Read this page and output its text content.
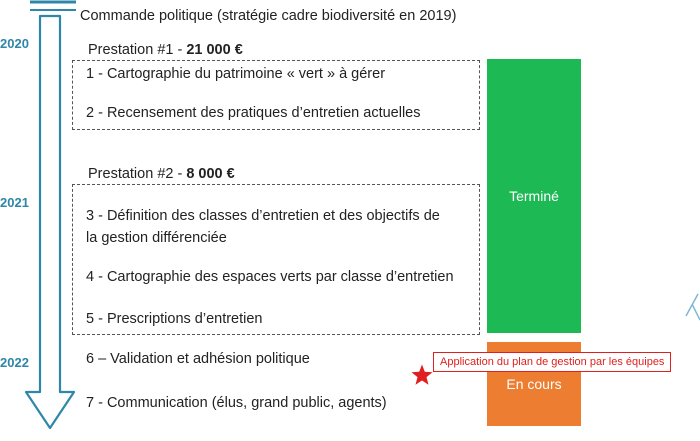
2020
2021
2022
Commande politique (stratégie cadre biodiversité en 2019)
Prestation #1 - 21 000 €
1 - Cartographie du patrimoine « vert » à gérer
2 - Recensement des pratiques d’entretien actuelles
Prestation #2 - 8 000 €
3 - Définition des classes d’entretien et des objectifs de
la gestion différenciée
4 - Cartographie des espaces verts par classe d’entretien
5 - Prescriptions d’entretien
6 – Validation et adhésion politique
7 - Communication (élus, grand public, agents)
Terminé
En cours
Application du plan de gestion par les équipes
